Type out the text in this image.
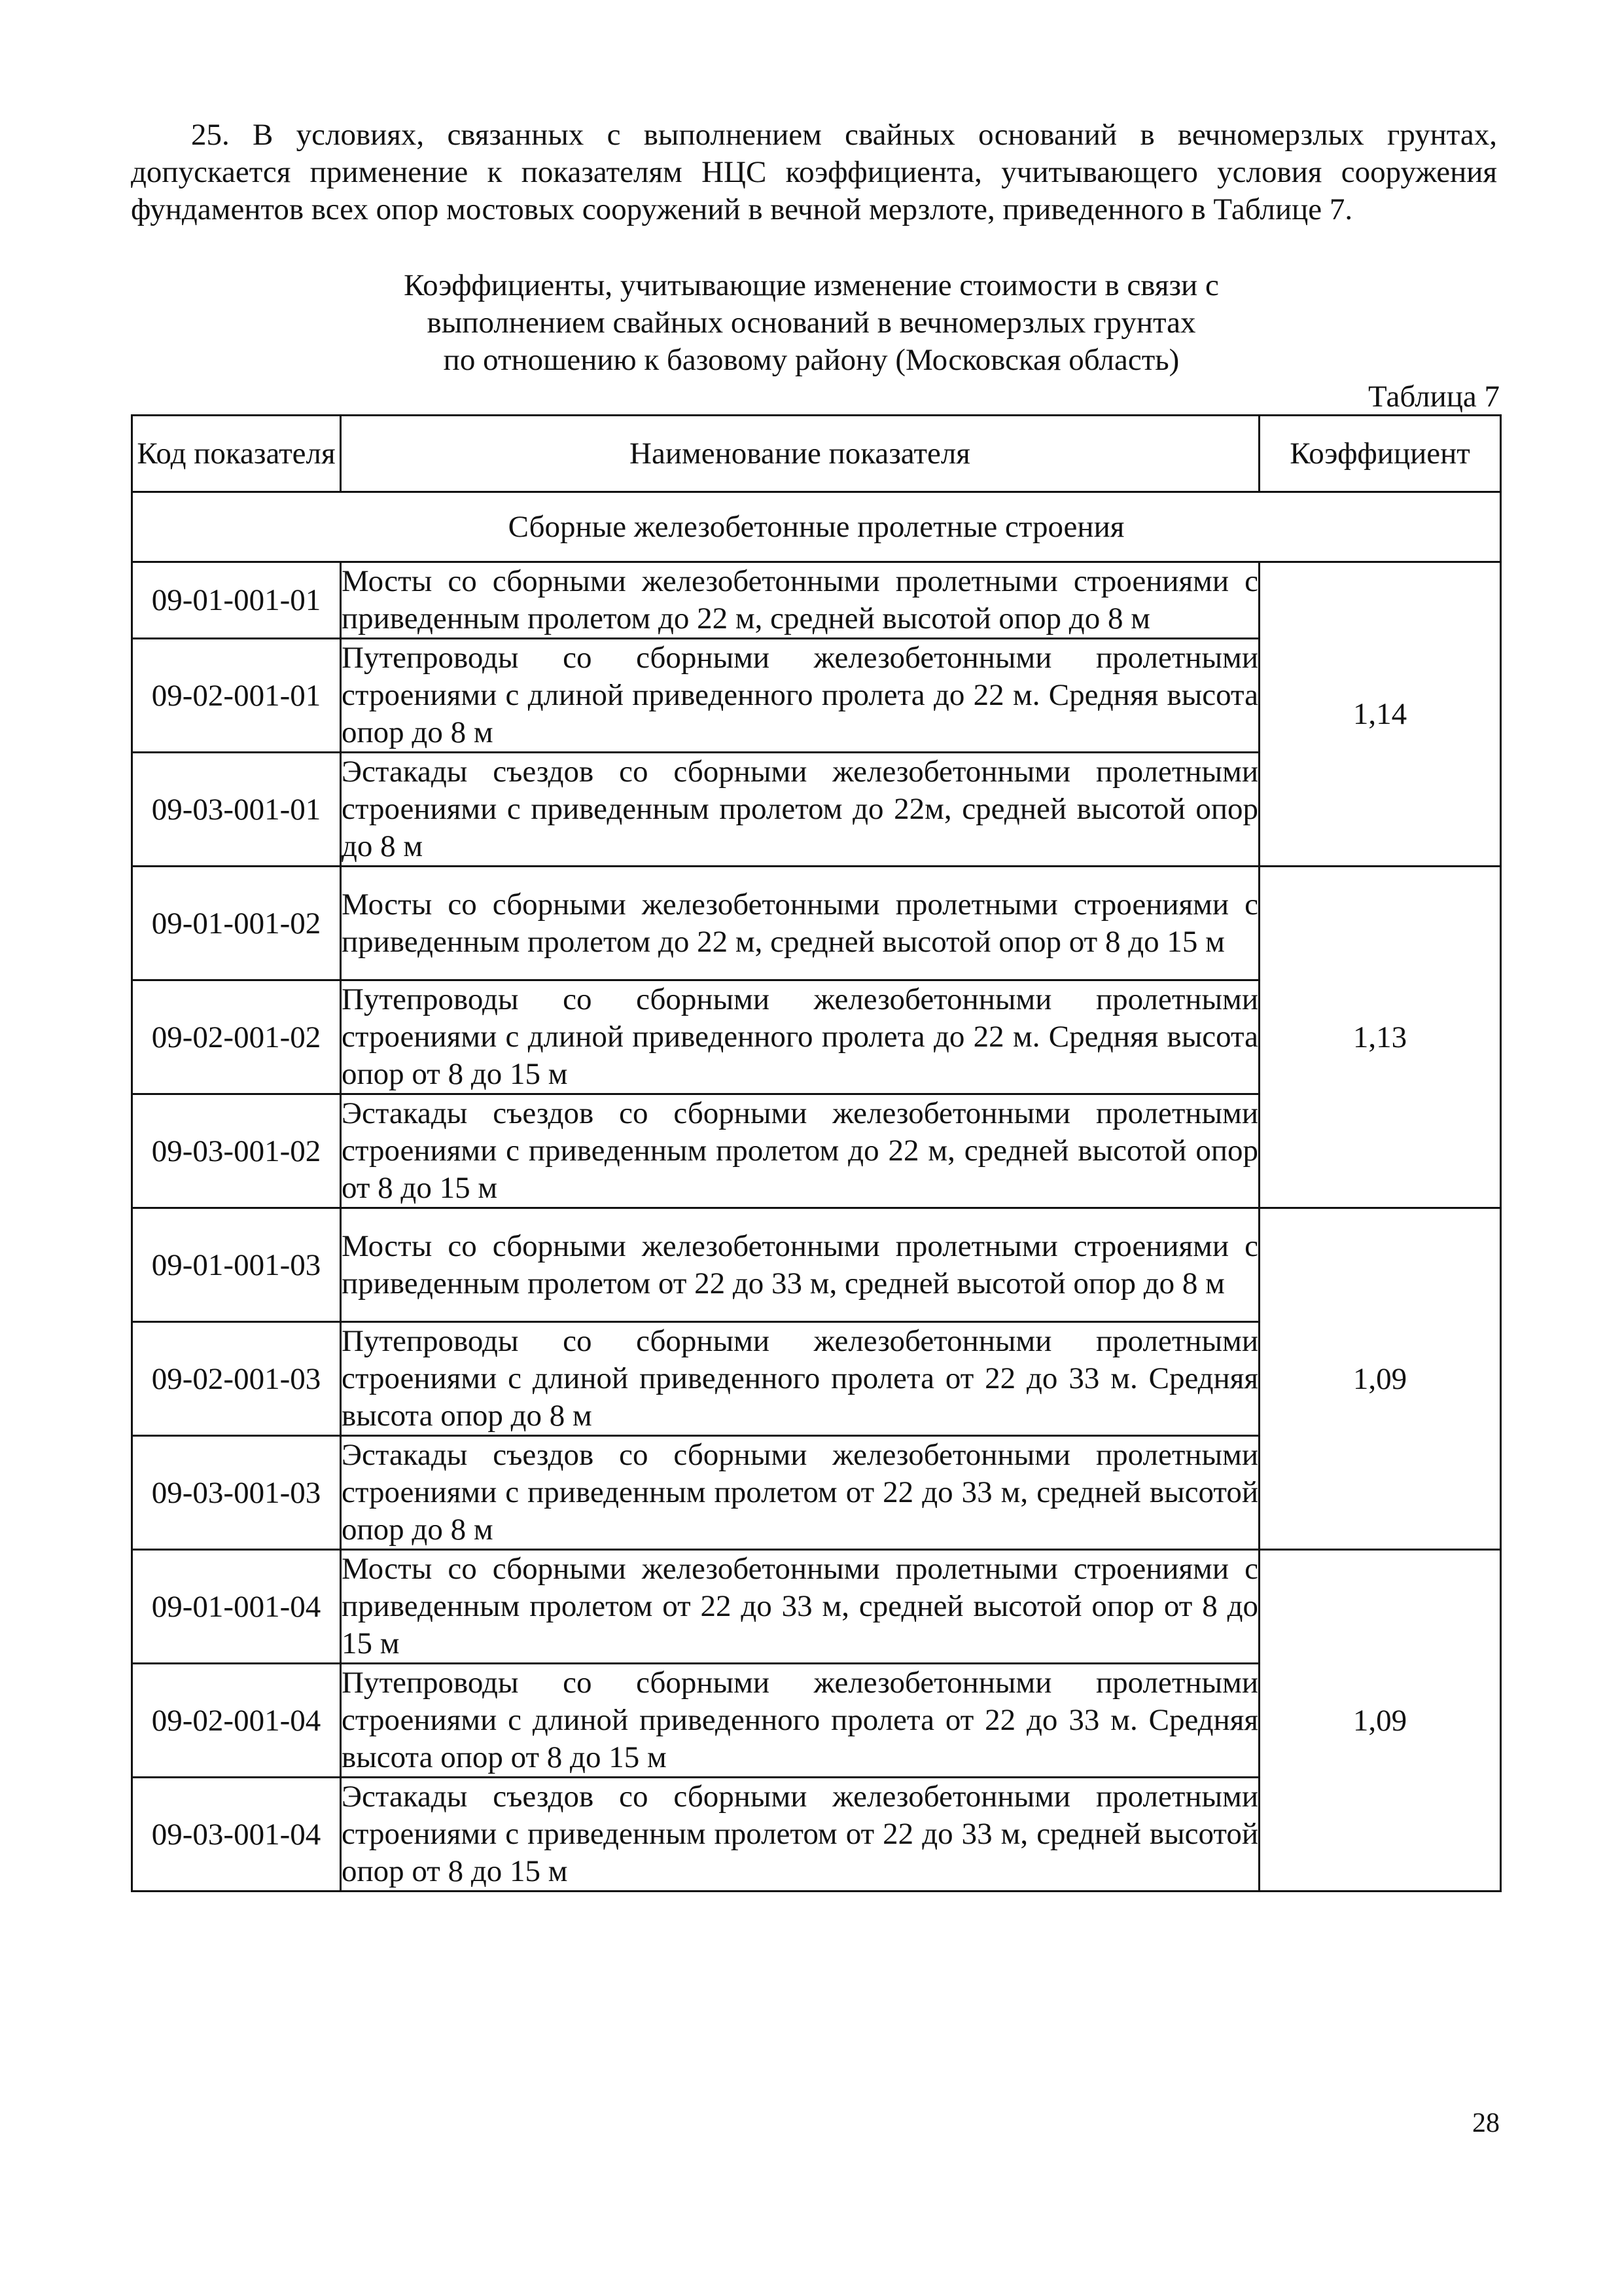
25. В условиях, связанных с выполнением свайных оснований в вечномерзлых грунтах, допускается применение к показателям НЦС коэффициента, учитывающего условия сооружения фундаментов всех опор мостовых сооружений в вечной мерзлоте, приведенного в Таблице 7.
Коэффициенты, учитывающие изменение стоимости в связи с
выполнением свайных оснований в вечномерзлых грунтах
по отношению к базовому району (Московская область)
Таблица 7
Код показателя	Наименование показателя	Коэффициент
Сборные железобетонные пролетные строения		
09-01-001-01	Мосты со сборными железобетонными пролетными строениями с приведенным пролетом до 22 м, средней высотой опор до 8 м	1,14
09-02-001-01	Путепроводы со сборными железобетонными пролетными строениями с длиной приведенного пролета до 22 м. Средняя высота опор до 8 м	
09-03-001-01	Эстакады съездов со сборными железобетонными пролетными строениями с приведенным пролетом до 22м, средней высотой опор до 8 м	
09-01-001-02	Мосты со сборными железобетонными пролетными строениями с приведенным пролетом до 22 м, средней высотой опор от 8 до 15 м	1,13
09-02-001-02	Путепроводы со сборными железобетонными пролетными строениями с длиной приведенного пролета до 22 м. Средняя высота опор от 8 до 15 м	
09-03-001-02	Эстакады съездов со сборными железобетонными пролетными строениями с приведенным пролетом до 22 м, средней высотой опор от 8 до 15 м	
09-01-001-03	Мосты со сборными железобетонными пролетными строениями с приведенным пролетом от 22 до 33 м, средней высотой опор до 8 м	1,09
09-02-001-03	Путепроводы со сборными железобетонными пролетными строениями с длиной приведенного пролета от 22 до 33 м. Средняя высота опор до 8 м	
09-03-001-03	Эстакады съездов со сборными железобетонными пролетными строениями с приведенным пролетом от 22 до 33 м, средней высотой опор до 8 м	
09-01-001-04	Мосты со сборными железобетонными пролетными строениями с приведенным пролетом от 22 до 33 м, средней высотой опор от 8 до 15 м	1,09
09-02-001-04	Путепроводы со сборными железобетонными пролетными строениями с длиной приведенного пролета от 22 до 33 м. Средняя высота опор от 8 до 15 м	
09-03-001-04	Эстакады съездов со сборными железобетонными пролетными строениями с приведенным пролетом от 22 до 33 м, средней высотой опор от 8 до 15 м	
28
